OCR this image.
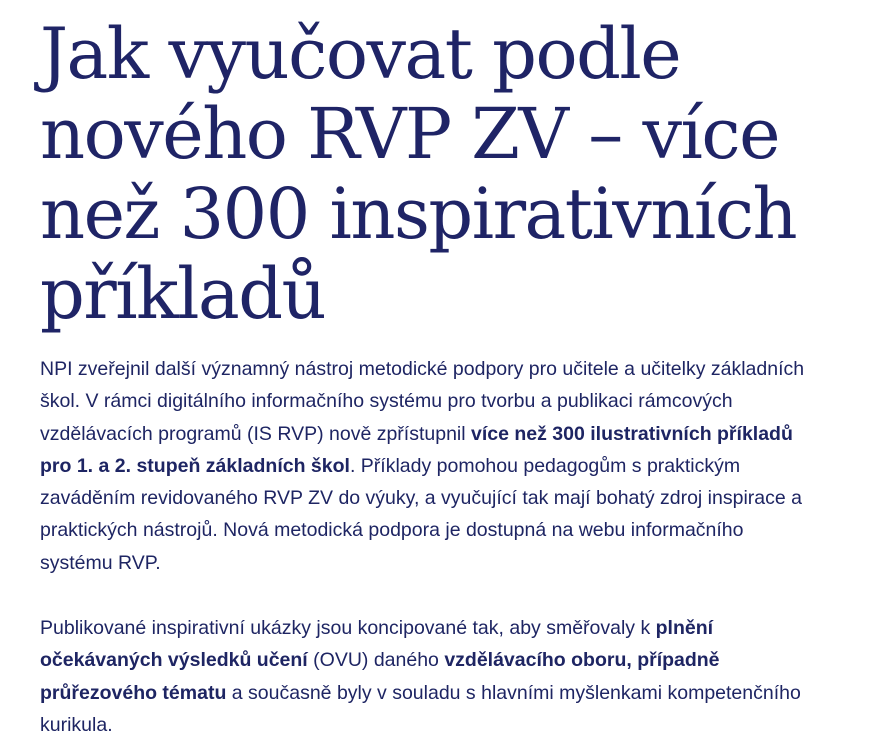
Jak vyučovat podle
nového RVP ZV – více
než 300 inspirativních
příkladů

NPI zveřejnil další významný nástroj metodické podpory pro učitele a učitelky základních
škol. V rámci digitálního informačního systému pro tvorbu a publikaci rámcových
vzdělávacích programů (IS RVP) nově zpřístupnil více než 300 ilustrativních příkladů
pro 1. a 2. stupeň základních škol. Příklady pomohou pedagogům s praktickým
zaváděním revidovaného RVP ZV do výuky, a vyučující tak mají bohatý zdroj inspirace a
praktických nástrojů. Nová metodická podpora je dostupná na webu informačního
systému RVP.

Publikované inspirativní ukázky jsou koncipované tak, aby směřovaly k plnění
očekávaných výsledků učení (OVU) daného vzdělávacího oboru, případně
průřezového tématu a současně byly v souladu s hlavními myšlenkami kompetenčního
kurikula.
